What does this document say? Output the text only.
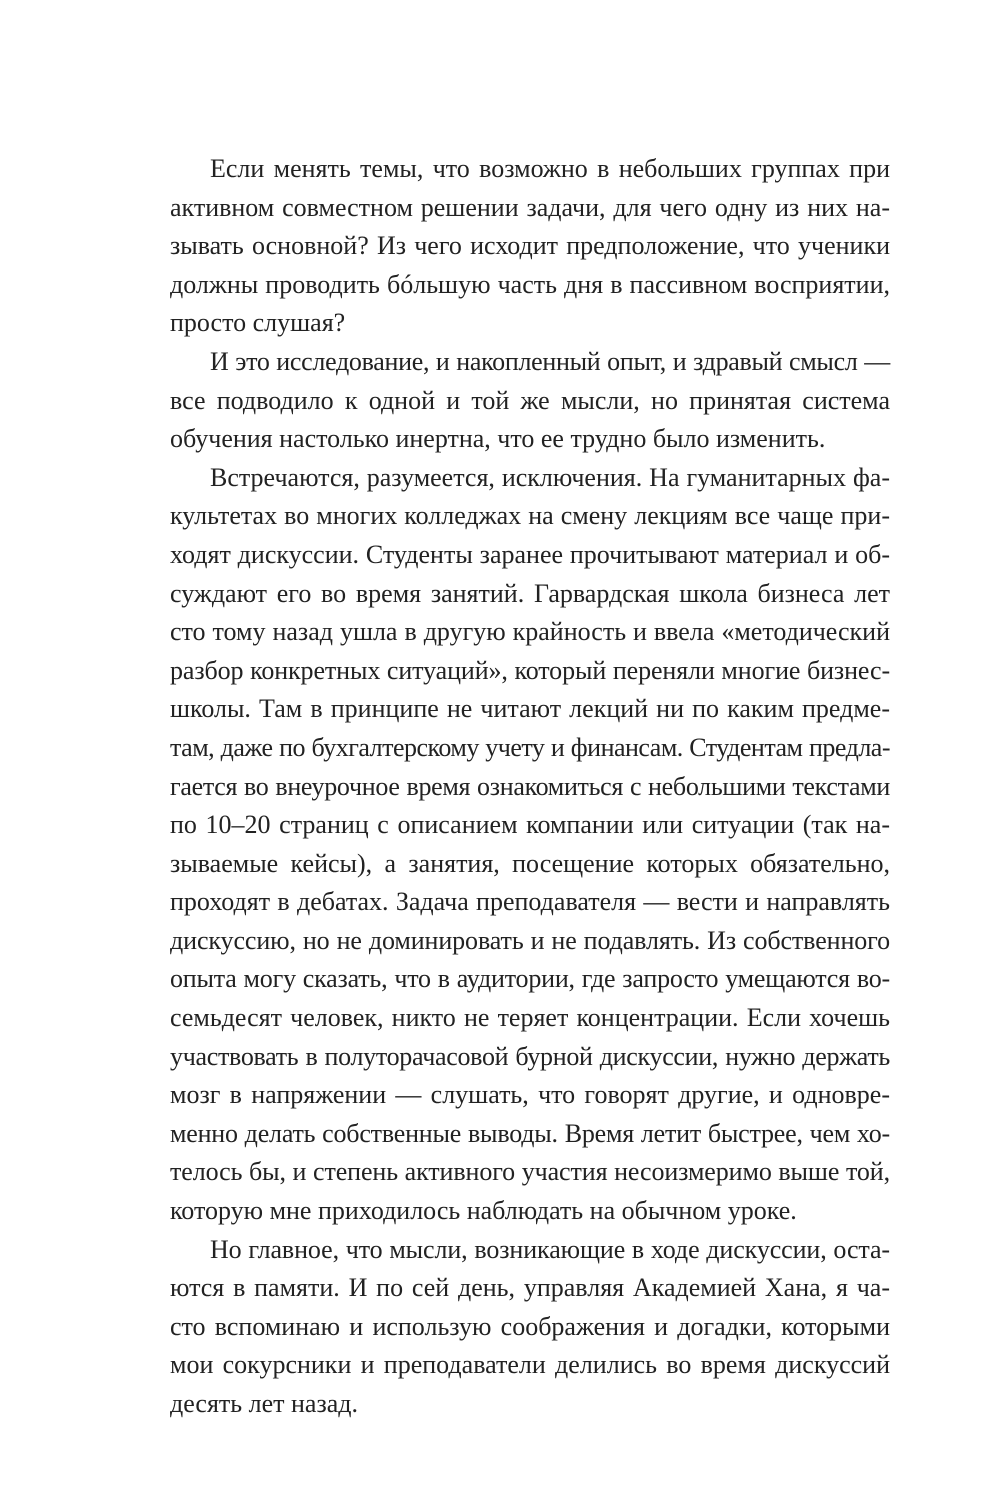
Если менять темы, что возможно в небольших группах при
активном совместном решении задачи, для чего одну из них на-
зывать основной? Из чего исходит предположение, что ученики
должны проводить бóльшую часть дня в пассивном восприятии,
просто слушая?

И это исследование, и накопленный опыт, и здравый смысл —
все подводило к одной и той же мысли, но принятая система
обучения настолько инертна, что ее трудно было изменить.

Встречаются, разумеется, исключения. На гуманитарных фа-
культетах во многих колледжах на смену лекциям все чаще при-
ходят дискуссии. Студенты заранее прочитывают материал и об-
суждают его во время занятий. Гарвардская школа бизнеса лет
сто тому назад ушла в другую крайность и ввела «методический
разбор конкретных ситуаций», который переняли многие бизнес-
школы. Там в принципе не читают лекций ни по каким предме-
там, даже по бухгалтерскому учету и финансам. Студентам предла-
гается во внеурочное время ознакомиться с небольшими текстами
по 10–20 страниц с описанием компании или ситуации (так на-
зываемые кейсы), а занятия, посещение которых обязательно,
проходят в дебатах. Задача преподавателя — вести и направлять
дискуссию, но не доминировать и не подавлять. Из собственного
опыта могу сказать, что в аудитории, где запросто умещаются во-
семьдесят человек, никто не теряет концентрации. Если хочешь
участвовать в полуторачасовой бурной дискуссии, нужно держать
мозг в напряжении — слушать, что говорят другие, и одновре-
менно делать собственные выводы. Время летит быстрее, чем хо-
телось бы, и степень активного участия несоизмеримо выше той,
которую мне приходилось наблюдать на обычном уроке.

Но главное, что мысли, возникающие в ходе дискуссии, оста-
ются в памяти. И по сей день, управляя Академией Хана, я ча-
сто вспоминаю и использую соображения и догадки, которыми
мои сокурсники и преподаватели делились во время дискуссий
десять лет назад.
